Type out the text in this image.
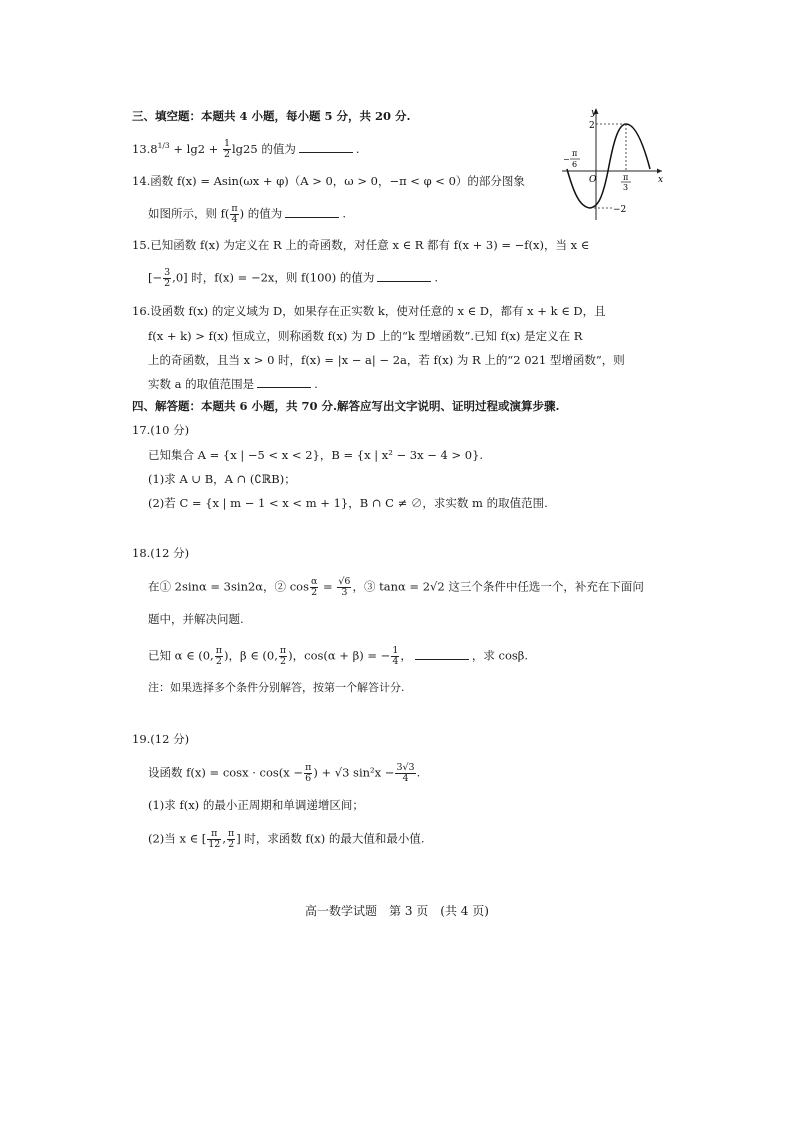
三、填空题：本题共 4 小题，每小题 5 分，共 20 分.
$13.8^{1/3} + \lg 2 + \frac{1}{2} \lg 25$ 的值为	.
14.函数 f(x) = Asin(ωx + φ)（A > 0，ω > 0，−π < φ < 0）的部分图象
如图所示，则 $f( \frac{\pi}{4}$ ) 的值为	.
y
x
O
2
−2
−
π
6
π
3
15.已知函数 f(x) 为定义在 R 上的奇函数，对任意 x ∈ R 都有 f(x + 3) = −f(x)，当 x ∈
[− $\frac{3}{2} ,0$] 时，f(x) = −2x，则 f(100) 的值为	.
16.设函数 f(x) 的定义域为 D，如果存在正实数 k，使对任意的 x ∈ D，都有 x + k ∈ D，且
f(x + k) > f(x) 恒成立，则称函数 f(x) 为 D 上的“k 型增函数”.已知 f(x) 是定义在 R
上的奇函数，且当 x > 0 时，f(x) = |x − a| − 2a，若 f(x) 为 R 上的“2 021 型增函数”，则
实数 a 的取值范围是	.
四、解答题：本题共 6 小题，共 70 分.解答应写出文字说明、证明过程或演算步骤.
17.(10 分)
已知集合 A = {x | −5 < x < 2}，B = {x | x² − 3x − 4 > 0}.
(1)求 A ∪ B，A ∩ (∁ℝB)；
(2)若 C = {x | m − 1 < x < m + 1}，B ∩ C ≠ ∅，求实数 m 的取值范围.
18.(12 分)
在① 2sinα = 3sin2α，② $\cos \frac{\alpha}{2} = \frac{√6}{3}$ ，③ tanα = 2√2 这三个条件中任选一个，补充在下面问
题中，并解决问题.
已知 α ∈ (0, $\frac{\pi}{2}$ )，β ∈ (0, $\frac{\pi}{2}$ )，cos(α + β) = − $\frac{1}{4}$ ，	，求 cosβ.
注：如果选择多个条件分别解答，按第一个解答计分.
19.(12 分)
设函数 $f(x) = \cos x \cdot \cos(x - \frac{\pi}{6}$ ) + √3 $\sin^2x - \frac{3√3}{4}$ .
(1)求 f(x) 的最小正周期和单调递增区间；
(2)当 x ∈ [ $\frac{\pi}{12}$ , $\frac{\pi}{2}$ ] 时，求函数 f(x) 的最大值和最小值.
高一数学试题　第 3 页　(共 4 页)
